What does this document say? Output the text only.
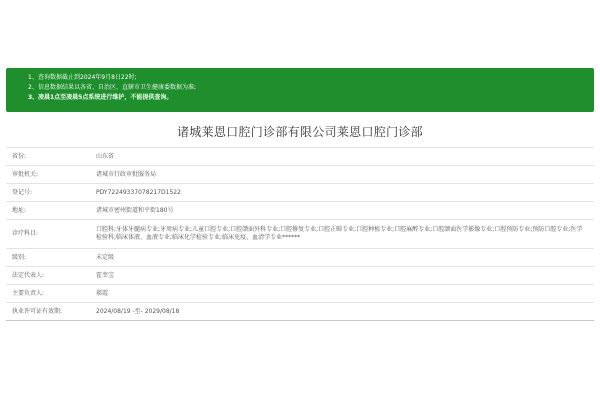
1、查询数据截止到2024年9月8日22时;
2、信息数据结果以各省、自治区、直辖市卫生健康委数据为准;
3、凌晨1点至凌晨5点系统进行维护，不能提供查询。
诸城莱恩口腔门诊部有限公司莱恩口腔门诊部
省份:	山东省
审批机关:	诸城市行政审批服务局
登记号:	PDY72249337078217D1522
地址:	诸城市密州街道和平街180号
诊疗科目:	口腔科;牙体牙髓病专业;牙周病专业;儿童口腔专业;口腔颌面外科专业;口腔修复专业;口腔正畸专业;口腔种植专业;口腔麻醉专业;口腔颌面医学影像专业;口腔预防专业;预防口腔专业;医学检验科;临床体液、血液专业;临床化学检验专业;临床免疫、血清学专业******
级别:	未定级
法定代表人:	霍莘宝
主要负责人:	郝霞
执业许可证有效期:	2024/08/19 -至- 2029/08/18
